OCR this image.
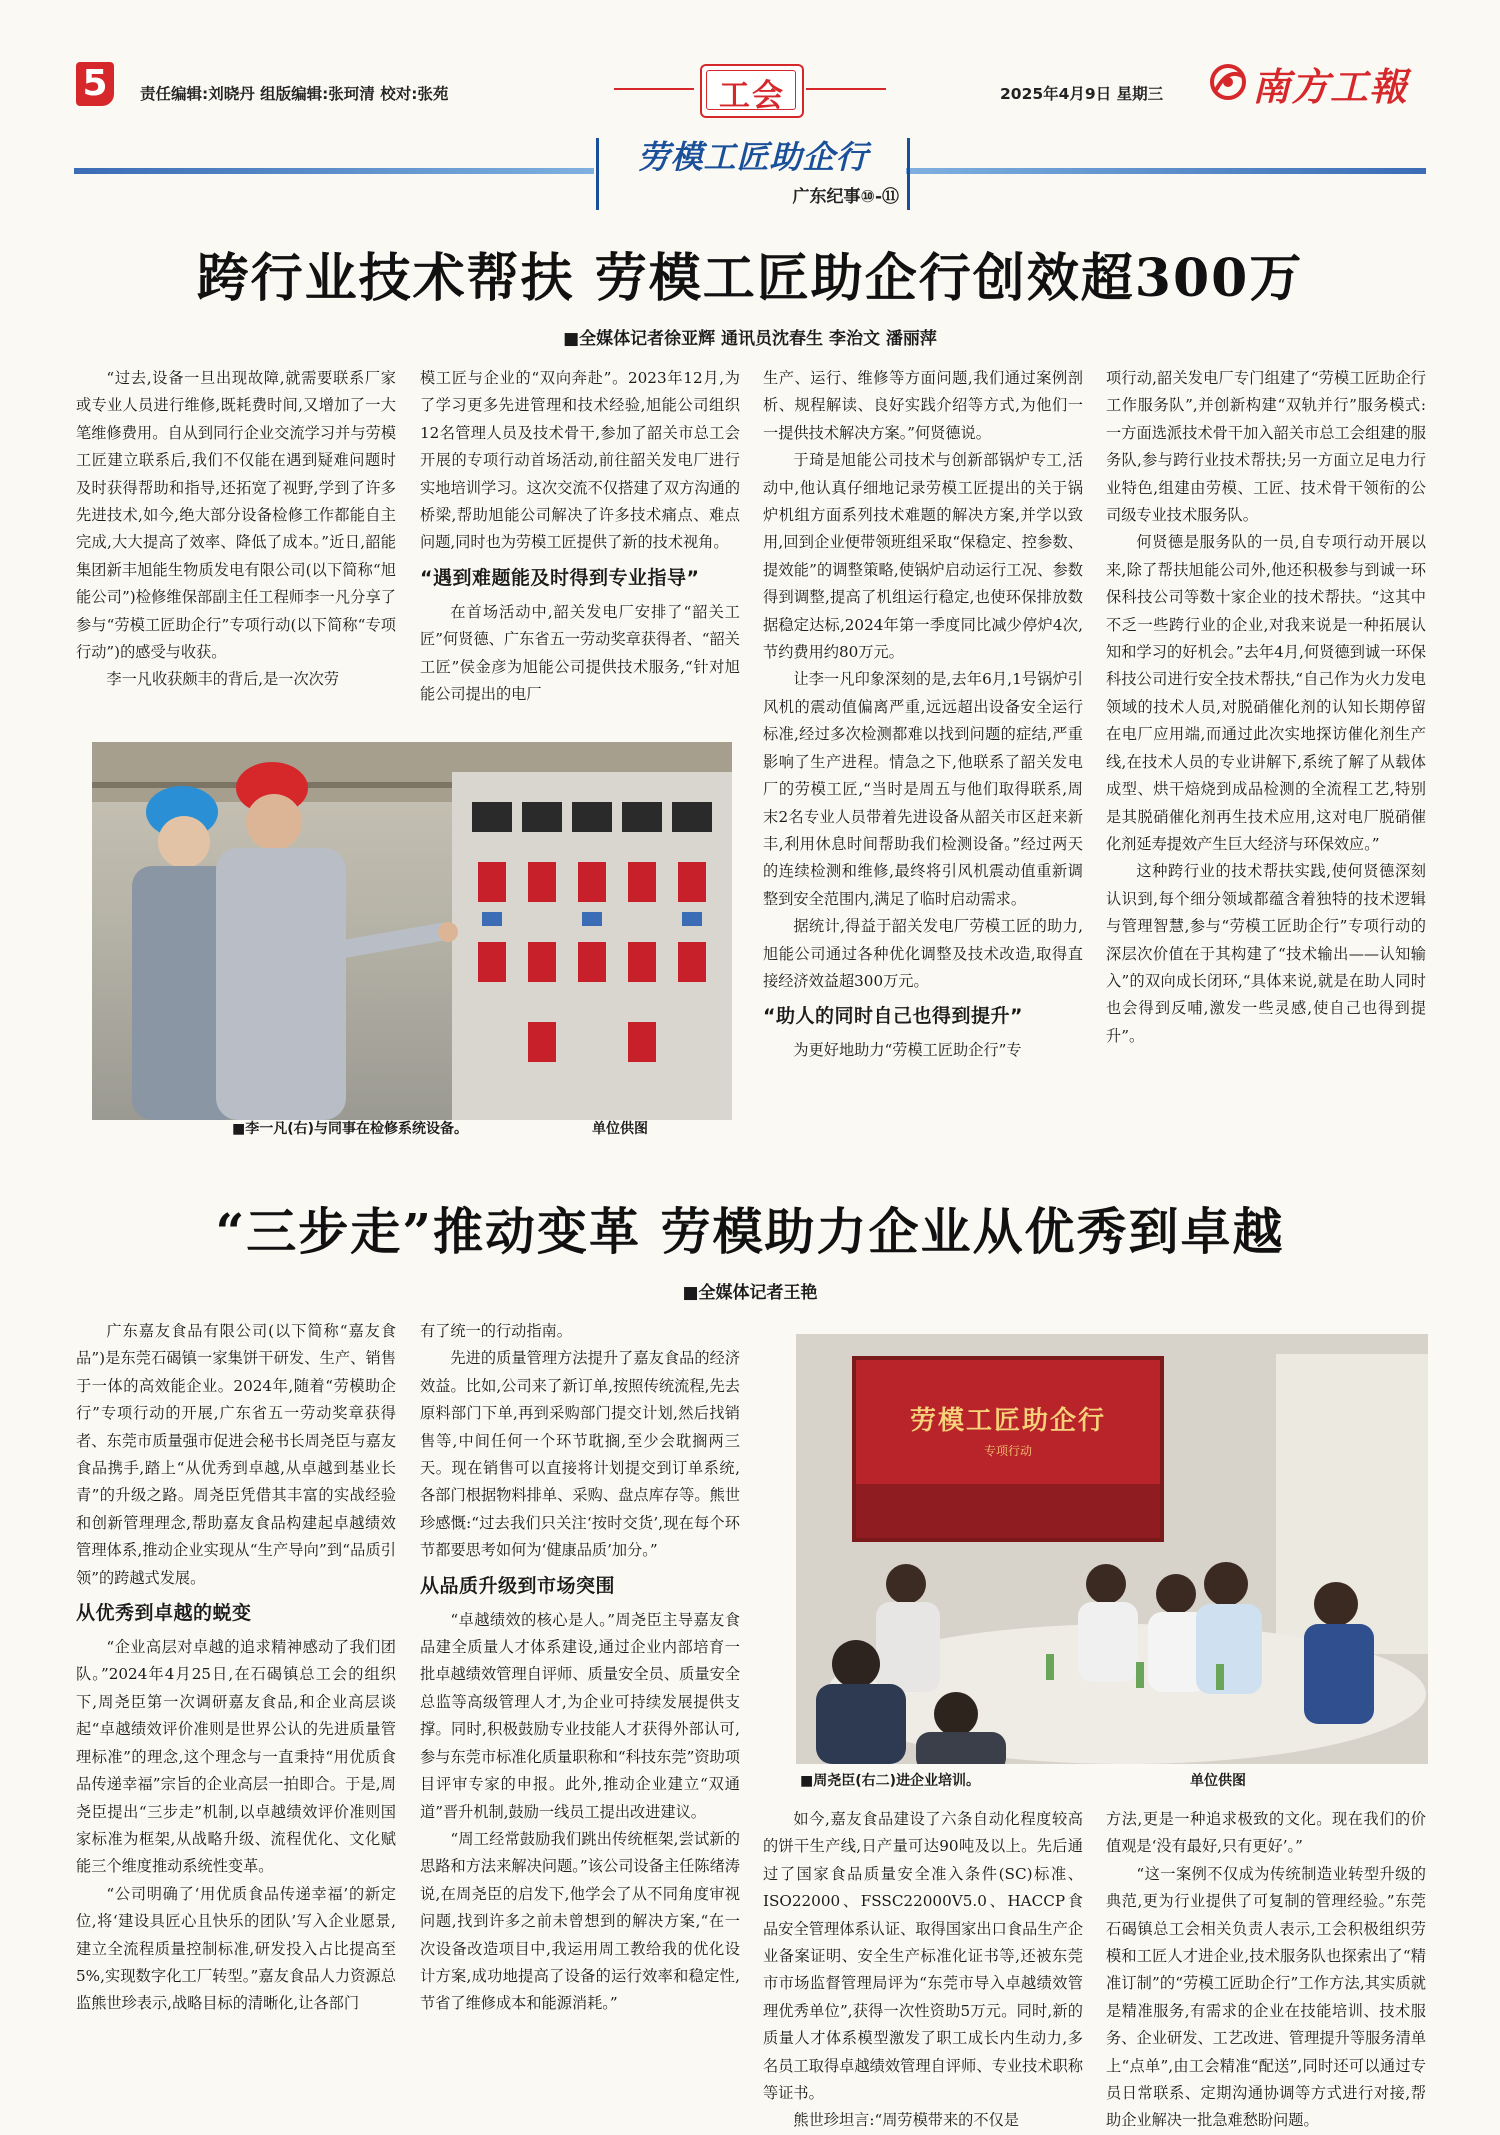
5	责任编辑:刘晓丹 组版编辑:张珂清 校对:张苑	工会	2025年4月9日 星期三 南方工報
劳模工匠助企行
广东纪事⑩-⑪
跨行业技术帮扶 劳模工匠助企行创效超300万
■全媒体记者徐亚辉 通讯员沈春生 李治文 潘丽萍

“过去,设备一旦出现故障,就需要联系厂家或专业人员进行维修,既耗费时间,又增加了一大笔维修费用。自从到同行企业交流学习并与劳模工匠建立联系后,我们不仅能在遇到疑难问题时及时获得帮助和指导,还拓宽了视野,学到了许多先进技术,如今,绝大部分设备检修工作都能自主完成,大大提高了效率、降低了成本。”近日,韶能集团新丰旭能生物质发电有限公司(以下简称“旭能公司”)检修维保部副主任工程师李一凡分享了参与“劳模工匠助企行”专项行动(以下简称“专项行动”)的感受与收获。

李一凡收获颇丰的背后,是一次次劳

模工匠与企业的“双向奔赴”。2023年12月,为了学习更多先进管理和技术经验,旭能公司组织12名管理人员及技术骨干,参加了韶关市总工会开展的专项行动首场活动,前往韶关发电厂进行实地培训学习。这次交流不仅搭建了双方沟通的桥梁,帮助旭能公司解决了许多技术痛点、难点问题,同时也为劳模工匠提供了新的技术视角。

“遇到难题能及时得到专业指导”

在首场活动中,韶关发电厂安排了“韶关工匠”何贤德、广东省五一劳动奖章获得者、“韶关工匠”侯金彦为旭能公司提供技术服务,“针对旭能公司提出的电厂

生产、运行、维修等方面问题,我们通过案例剖析、规程解读、良好实践介绍等方式,为他们一一提供技术解决方案。”何贤德说。

于琦是旭能公司技术与创新部锅炉专工,活动中,他认真仔细地记录劳模工匠提出的关于锅炉机组方面系列技术难题的解决方案,并学以致用,回到企业便带领班组采取“保稳定、控参数、提效能”的调整策略,使锅炉启动运行工况、参数得到调整,提高了机组运行稳定,也使环保排放数据稳定达标,2024年第一季度同比减少停炉4次,节约费用约80万元。

让李一凡印象深刻的是,去年6月,1号锅炉引风机的震动值偏离严重,远远超出设备安全运行标准,经过多次检测都难以找到问题的症结,严重影响了生产进程。情急之下,他联系了韶关发电厂的劳模工匠,“当时是周五与他们取得联系,周末2名专业人员带着先进设备从韶关市区赶来新丰,利用休息时间帮助我们检测设备。”经过两天的连续检测和维修,最终将引风机震动值重新调整到安全范围内,满足了临时启动需求。

据统计,得益于韶关发电厂劳模工匠的助力,旭能公司通过各种优化调整及技术改造,取得直接经济效益超300万元。

“助人的同时自己也得到提升”

为更好地助力“劳模工匠助企行”专

项行动,韶关发电厂专门组建了“劳模工匠助企行工作服务队”,并创新构建“双轨并行”服务模式:一方面选派技术骨干加入韶关市总工会组建的服务队,参与跨行业技术帮扶;另一方面立足电力行业特色,组建由劳模、工匠、技术骨干领衔的公司级专业技术服务队。

何贤德是服务队的一员,自专项行动开展以来,除了帮扶旭能公司外,他还积极参与到诚一环保科技公司等数十家企业的技术帮扶。“这其中不乏一些跨行业的企业,对我来说是一种拓展认知和学习的好机会。”去年4月,何贤德到诚一环保科技公司进行安全技术帮扶,“自己作为火力发电领域的技术人员,对脱硝催化剂的认知长期停留在电厂应用端,而通过此次实地探访催化剂生产线,在技术人员的专业讲解下,系统了解了从载体成型、烘干焙烧到成品检测的全流程工艺,特别是其脱硝催化剂再生技术应用,这对电厂脱硝催化剂延寿提效产生巨大经济与环保效应。”

这种跨行业的技术帮扶实践,使何贤德深刻认识到,每个细分领域都蕴含着独特的技术逻辑与管理智慧,参与“劳模工匠助企行”专项行动的深层次价值在于其构建了“技术输出——认知输入”的双向成长闭环,“具体来说,就是在助人同时也会得到反哺,激发一些灵感,使自己也得到提升”。

■李一凡(右)与同事在检修系统设备。	单位供图
“三步走”推动变革 劳模助力企业从优秀到卓越
■全媒体记者王艳

广东嘉友食品有限公司(以下简称“嘉友食品”)是东莞石碣镇一家集饼干研发、生产、销售于一体的高效能企业。2024年,随着“劳模助企行”专项行动的开展,广东省五一劳动奖章获得者、东莞市质量强市促进会秘书长周尧臣与嘉友食品携手,踏上“从优秀到卓越,从卓越到基业长青”的升级之路。周尧臣凭借其丰富的实战经验和创新管理理念,帮助嘉友食品构建起卓越绩效管理体系,推动企业实现从“生产导向”到“品质引领”的跨越式发展。

从优秀到卓越的蜕变

“企业高层对卓越的追求精神感动了我们团队。”2024年4月25日,在石碣镇总工会的组织下,周尧臣第一次调研嘉友食品,和企业高层谈起“卓越绩效评价准则是世界公认的先进质量管理标准”的理念,这个理念与一直秉持“用优质食品传递幸福”宗旨的企业高层一拍即合。于是,周尧臣提出“三步走”机制,以卓越绩效评价准则国家标准为框架,从战略升级、流程优化、文化赋能三个维度推动系统性变革。

“公司明确了‘用优质食品传递幸福’的新定位,将‘建设具匠心且快乐的团队’写入企业愿景,建立全流程质量控制标准,研发投入占比提高至5%,实现数字化工厂转型。”嘉友食品人力资源总监熊世珍表示,战略目标的清晰化,让各部门

有了统一的行动指南。

先进的质量管理方法提升了嘉友食品的经济效益。比如,公司来了新订单,按照传统流程,先去原料部门下单,再到采购部门提交计划,然后找销售等,中间任何一个环节耽搁,至少会耽搁两三天。现在销售可以直接将计划提交到订单系统,各部门根据物料排单、采购、盘点库存等。熊世珍感慨:“过去我们只关注‘按时交货’,现在每个环节都要思考如何为‘健康品质’加分。”

从品质升级到市场突围

“卓越绩效的核心是人。”周尧臣主导嘉友食品建全质量人才体系建设,通过企业内部培育一批卓越绩效管理自评师、质量安全员、质量安全总监等高级管理人才,为企业可持续发展提供支撑。同时,积极鼓励专业技能人才获得外部认可,参与东莞市标准化质量职称和“科技东莞”资助项目评审专家的申报。此外,推动企业建立“双通道”晋升机制,鼓励一线员工提出改进建议。

“周工经常鼓励我们跳出传统框架,尝试新的思路和方法来解决问题。”该公司设备主任陈绪涛说,在周尧臣的启发下,他学会了从不同角度审视问题,找到许多之前未曾想到的解决方案,“在一次设备改造项目中,我运用周工教给我的优化设计方案,成功地提高了设备的运行效率和稳定性,节省了维修成本和能源消耗。”

劳模工匠助企行
专项行动
■周尧臣(右二)进企业培训。	单位供图

如今,嘉友食品建设了六条自动化程度较高的饼干生产线,日产量可达90吨及以上。先后通过了国家食品质量安全准入条件(SC)标准、ISO22000、FSSC22000V5.0、HACCP食品安全管理体系认证、取得国家出口食品生产企业备案证明、安全生产标准化证书等,还被东莞市市场监督管理局评为“东莞市导入卓越绩效管理优秀单位”,获得一次性资助5万元。同时,新的质量人才体系模型激发了职工成长内生动力,多名员工取得卓越绩效管理自评师、专业技术职称等证书。

熊世珍坦言:“周劳模带来的不仅是

方法,更是一种追求极致的文化。现在我们的价值观是‘没有最好,只有更好’。”

“这一案例不仅成为传统制造业转型升级的典范,更为行业提供了可复制的管理经验。”东莞石碣镇总工会相关负责人表示,工会积极组织劳模和工匠人才进企业,技术服务队也探索出了“精准订制”的“劳模工匠助企行”工作方法,其实质就是精准服务,有需求的企业在技能培训、技术服务、企业研发、工艺改进、管理提升等服务清单上“点单”,由工会精准“配送”,同时还可以通过专员日常联系、定期沟通协调等方式进行对接,帮助企业解决一批急难愁盼问题。
